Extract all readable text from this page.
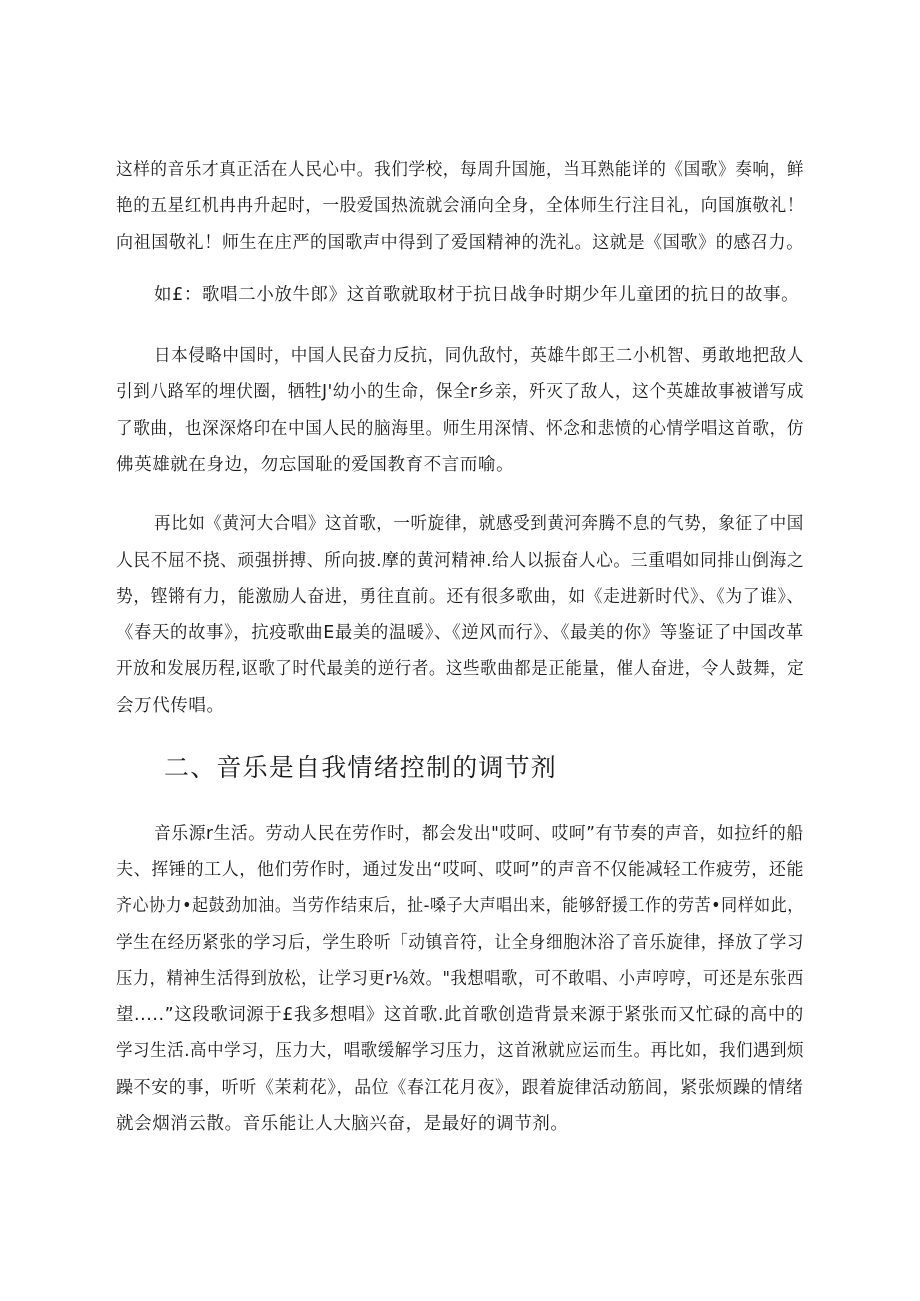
这样的音乐才真正活在人民心中。我们学校，每周升国施，当耳熟能详的《国歌》奏响，鲜

艳的五星红机冉冉升起时，一股爱国热流就会涌向全身，全体师生行注目礼，向国旗敬礼！

向祖国敬礼！师生在庄严的国歌声中得到了爱国精神的洗礼。这就是《国歌》的感召力。

如£：歌唱二小放牛郎》这首歌就取材于抗日战争时期少年儿童团的抗日的故事。

日本侵略中国时，中国人民奋力反抗，同仇敌忖，英雄牛郎王二小机智、勇敢地把敌人

引到八路军的埋伏圈，牺牲J'幼小的生命，保全r乡亲，歼灭了敌人，这个英雄故事被谱写成

了歌曲，也深深烙印在中国人民的脑海里。师生用深情、怀念和悲愤的心情学唱这首歌，仿

佛英雄就在身边，勿忘国耻的爱国教育不言而喻。

再比如《黄河大合唱》这首歌，一听旋律，就感受到黄河奔腾不息的气势，象征了中国

人民不屈不挠、顽强拼搏、所向披.摩的黄河精神.给人以振奋人心。三重唱如同排山倒海之

势，铿锵有力，能激励人奋进，勇往直前。还有很多歌曲，如《走进新时代》、《为了谁》、

《春天的故事》，抗疫歌曲E最美的温暖》、《逆风而行》、《最美的你》等鉴证了中国改革

开放和发展历程,讴歌了时代最美的逆行者。这些歌曲都是正能量，催人奋进，令人鼓舞，定

会万代传唱。

二、音乐是自我情绪控制的调节剂

音乐源r生活。劳动人民在劳作时，都会发出"哎呵、哎呵”有节奏的声音，如拉纤的船

夫、挥锤的工人，他们劳作时，通过发出“哎呵、哎呵”的声音不仅能减轻工作疲劳，还能

齐心协力•起鼓劲加油。当劳作结束后，扯-嗓子大声唱出来，能够舒援工作的劳苦•同样如此，

学生在经历紧张的学习后，学生聆听「动镇音符，让全身细胞沐浴了音乐旋律，择放了学习

压力，精神生活得到放松，让学习更r⅛效。"我想唱歌，可不敢唱、小声哼哼，可还是东张西

望.....”这段歌词源于£我多想唱》这首歌.此首歌创造背景来源于紧张而又忙碌的高中的

学习生活.高中学习，压力大，唱歌缓解学习压力，这首湫就应运而生。再比如，我们遇到烦

躁不安的事，听听《茉莉花》，品位《春江花月夜》，跟着旋律活动筋闾，紧张烦躁的情绪

就会烟消云散。音乐能让人大脑兴奋，是最好的调节剂。
